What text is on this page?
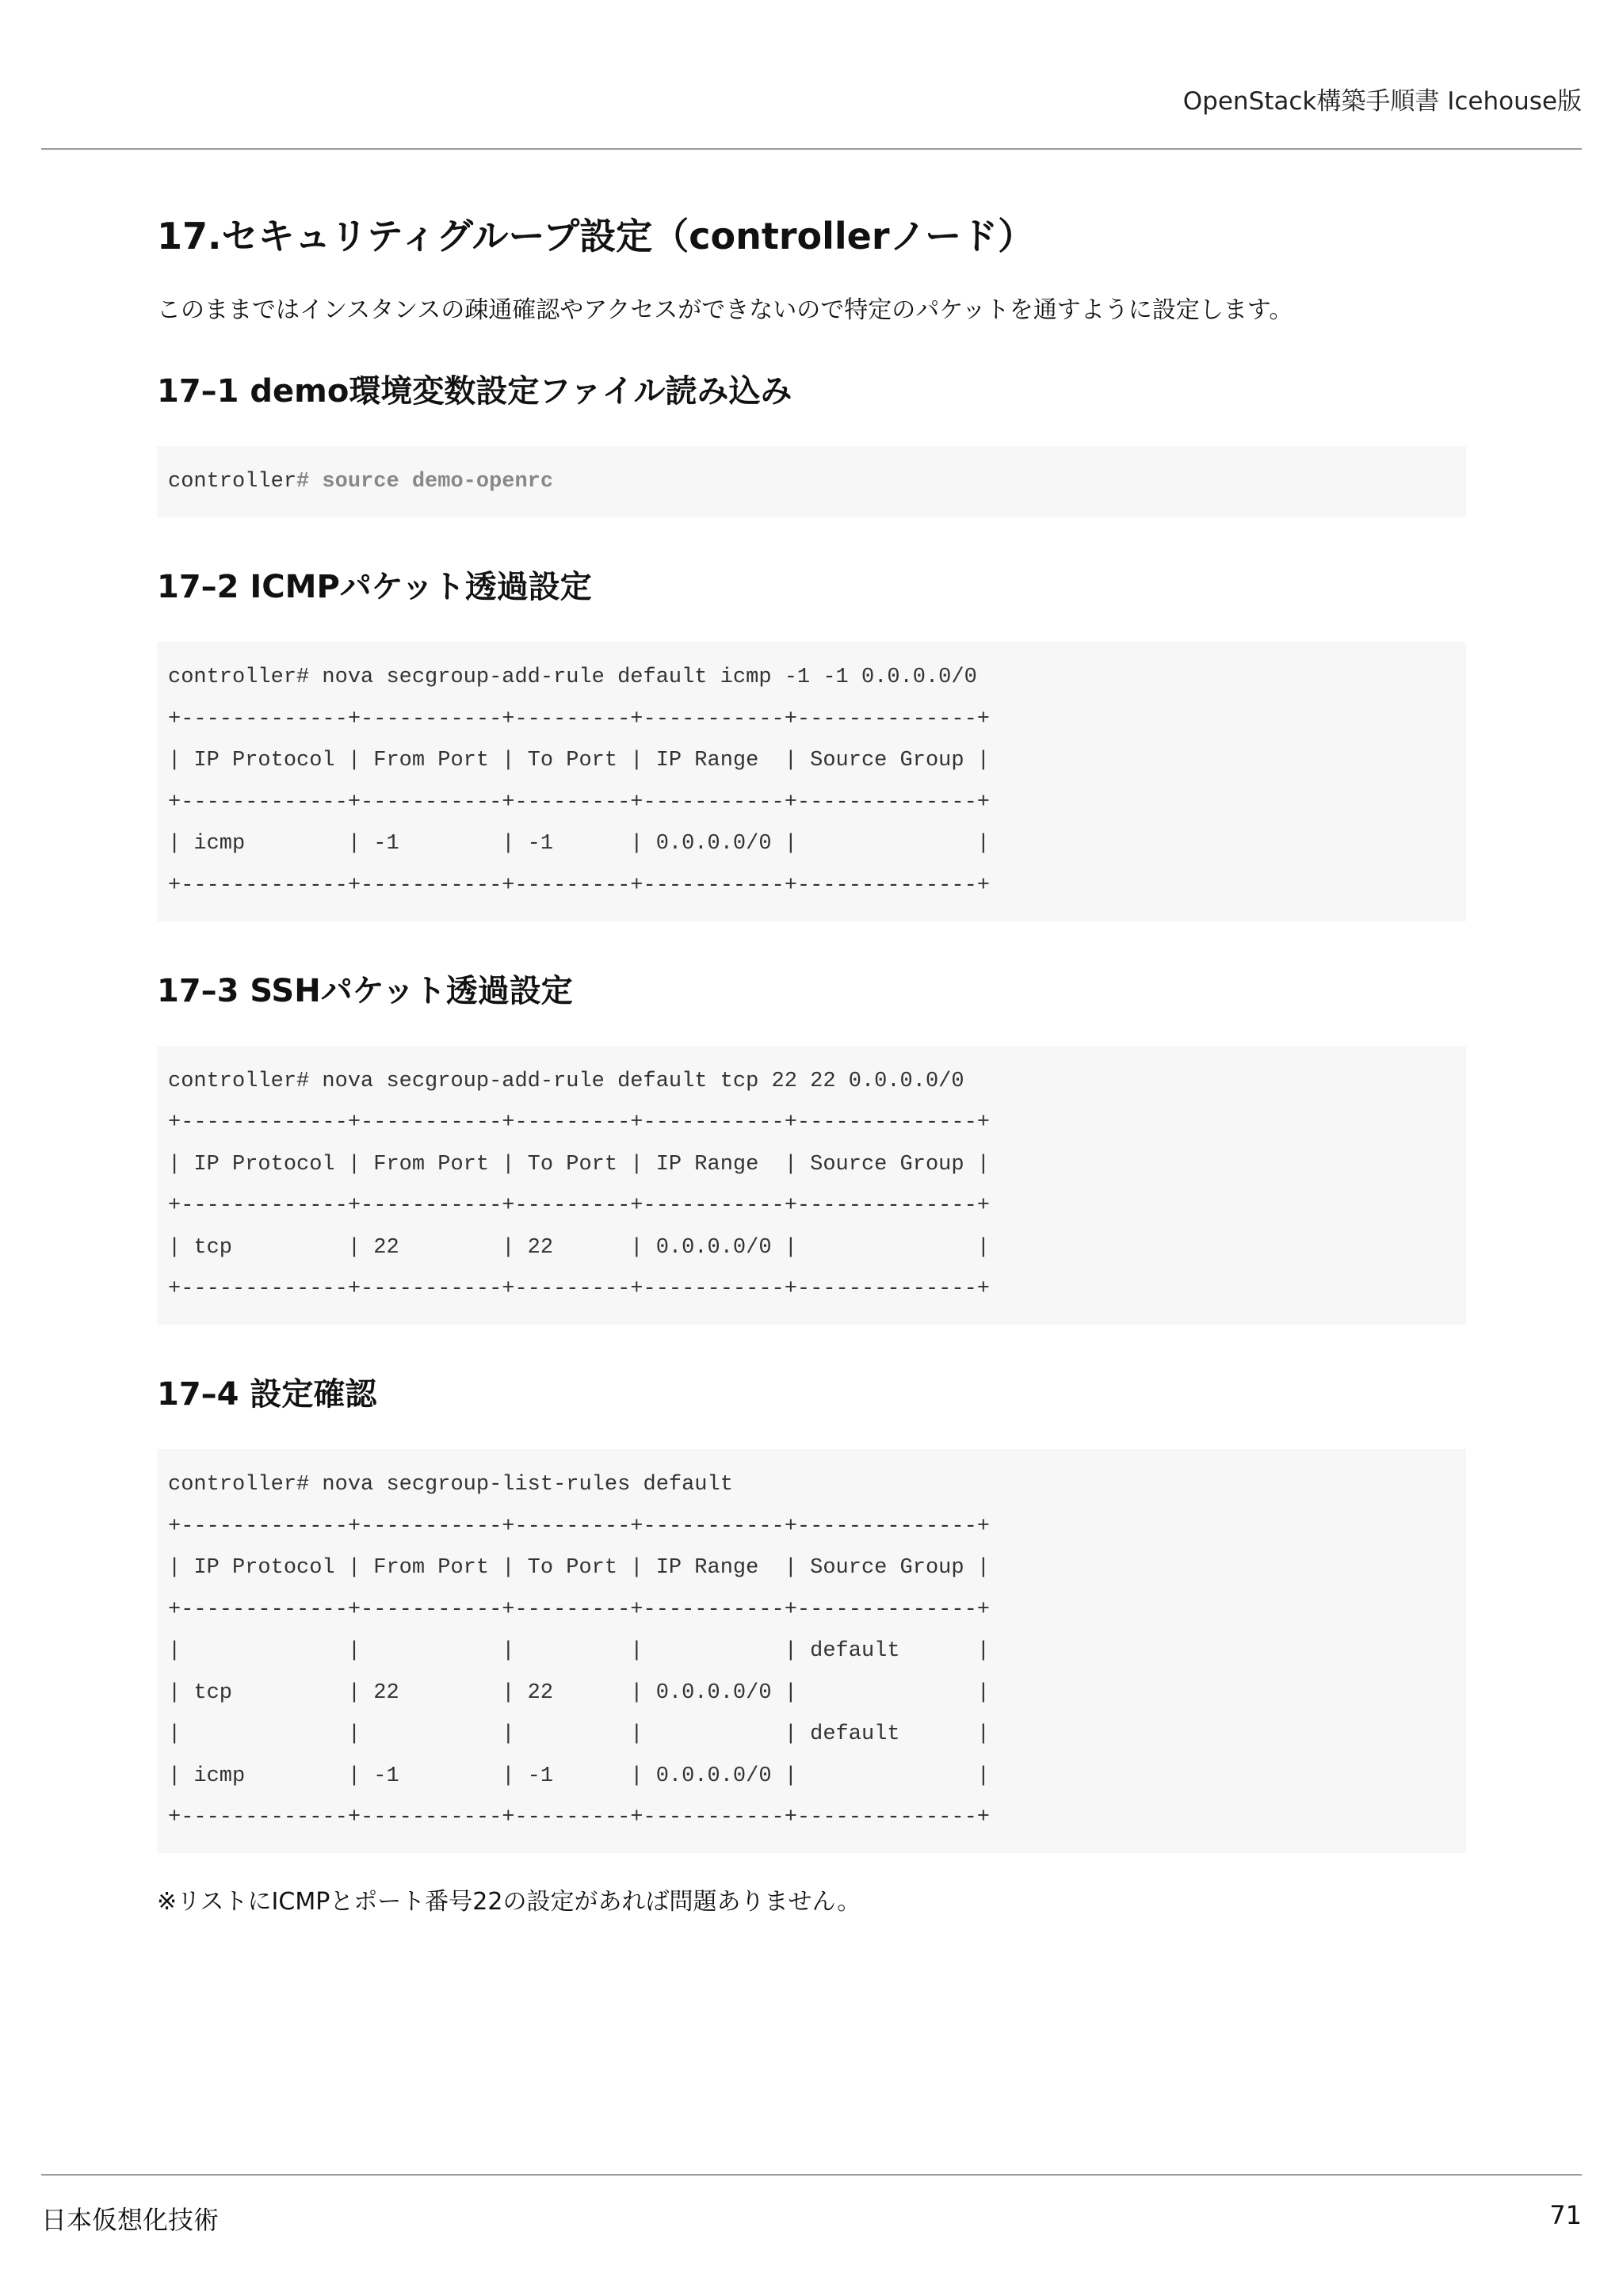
OpenStack構築手順書 Icehouse版
17.セキュリティグループ設定（controllerノード）

このままではインスタンスの疎通確認やアクセスができないので特定のパケットを通すように設定します。

17–1 demo環境変数設定ファイル読み込み
controller# source demo-openrc
17–2 ICMPパケット透過設定
controller# nova secgroup-add-rule default icmp -1 -1 0.0.0.0/0
+-------------+-----------+---------+-----------+--------------+
| IP Protocol | From Port | To Port | IP Range  | Source Group |
+-------------+-----------+---------+-----------+--------------+
| icmp        | -1        | -1      | 0.0.0.0/0 |              |
+-------------+-----------+---------+-----------+--------------+
17–3 SSHパケット透過設定
controller# nova secgroup-add-rule default tcp 22 22 0.0.0.0/0
+-------------+-----------+---------+-----------+--------------+
| IP Protocol | From Port | To Port | IP Range  | Source Group |
+-------------+-----------+---------+-----------+--------------+
| tcp         | 22        | 22      | 0.0.0.0/0 |              |
+-------------+-----------+---------+-----------+--------------+
17–4 設定確認
controller# nova secgroup-list-rules default
+-------------+-----------+---------+-----------+--------------+
| IP Protocol | From Port | To Port | IP Range  | Source Group |
+-------------+-----------+---------+-----------+--------------+
|             |           |         |           | default      |
| tcp         | 22        | 22      | 0.0.0.0/0 |              |
|             |           |         |           | default      |
| icmp        | -1        | -1      | 0.0.0.0/0 |              |
+-------------+-----------+---------+-----------+--------------+

※リストにICMPとポート番号22の設定があれば問題ありません。

日本仮想化技術	71
